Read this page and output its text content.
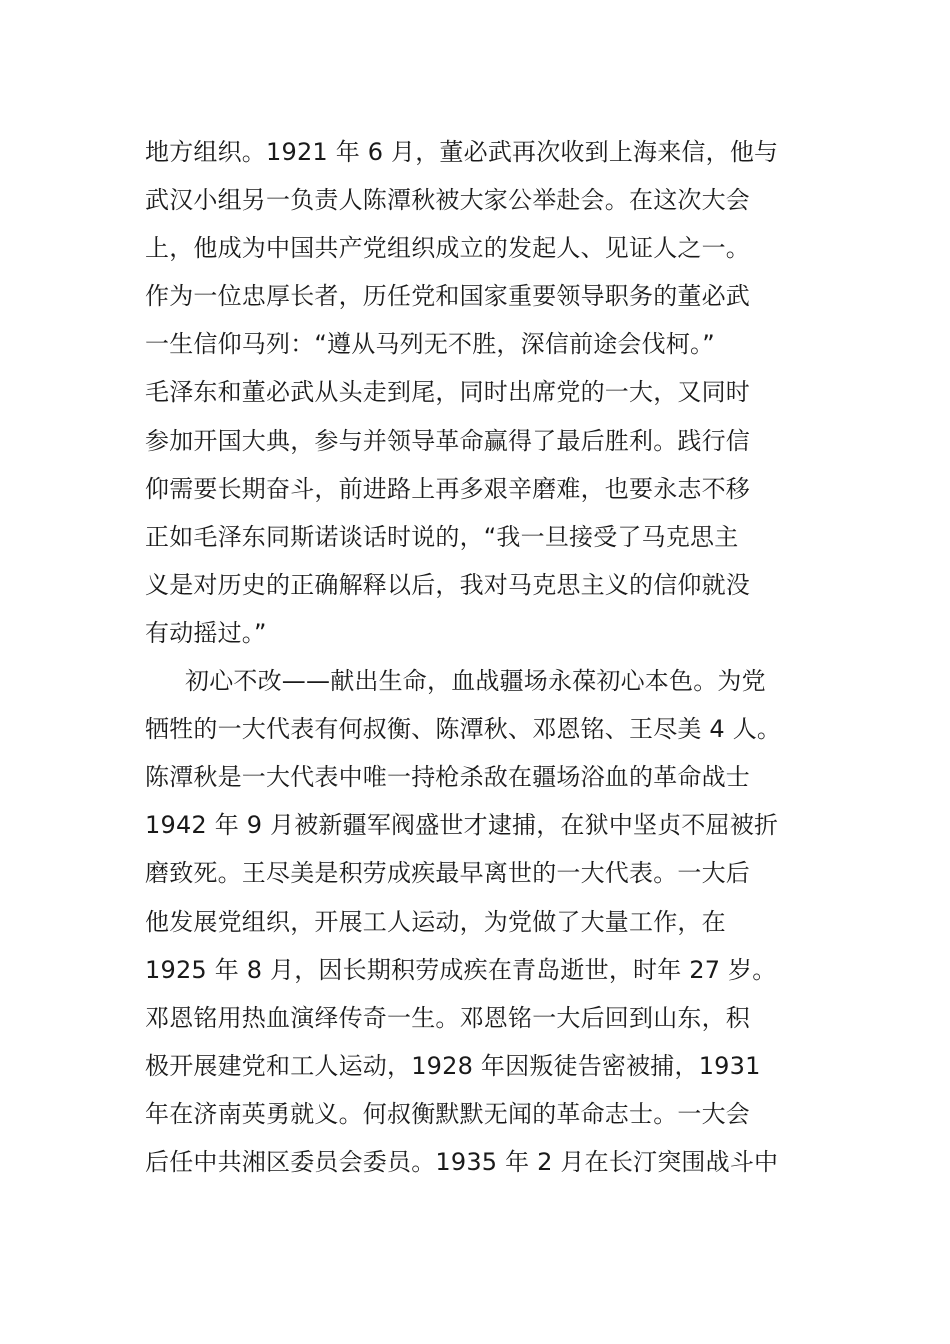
地方组织。1921 年 6 月，董必武再次收到上海来信，他与
武汉小组另一负责人陈潭秋被大家公举赴会。在这次大会
上，他成为中国共产党组织成立的发起人、见证人之一。
作为一位忠厚长者，历任党和国家重要领导职务的董必武
一生信仰马列：“遵从马列无不胜，深信前途会伐柯。”
毛泽东和董必武从头走到尾，同时出席党的一大，又同时
参加开国大典，参与并领导革命赢得了最后胜利。践行信
仰需要长期奋斗，前进路上再多艰辛磨难，也要永志不移
正如毛泽东同斯诺谈话时说的，“我一旦接受了马克思主
义是对历史的正确解释以后，我对马克思主义的信仰就没
有动摇过。”
初心不改——献出生命，血战疆场永葆初心本色。为党
牺牲的一大代表有何叔衡、陈潭秋、邓恩铭、王尽美 4 人。
陈潭秋是一大代表中唯一持枪杀敌在疆场浴血的革命战士
1942 年 9 月被新疆军阀盛世才逮捕，在狱中坚贞不屈被折
磨致死。王尽美是积劳成疾最早离世的一大代表。一大后
他发展党组织，开展工人运动，为党做了大量工作，在
1925 年 8 月，因长期积劳成疾在青岛逝世，时年 27 岁。
邓恩铭用热血演绎传奇一生。邓恩铭一大后回到山东，积
极开展建党和工人运动，1928 年因叛徒告密被捕，1931
年在济南英勇就义。何叔衡默默无闻的革命志士。一大会
后任中共湘区委员会委员。1935 年 2 月在长汀突围战斗中
